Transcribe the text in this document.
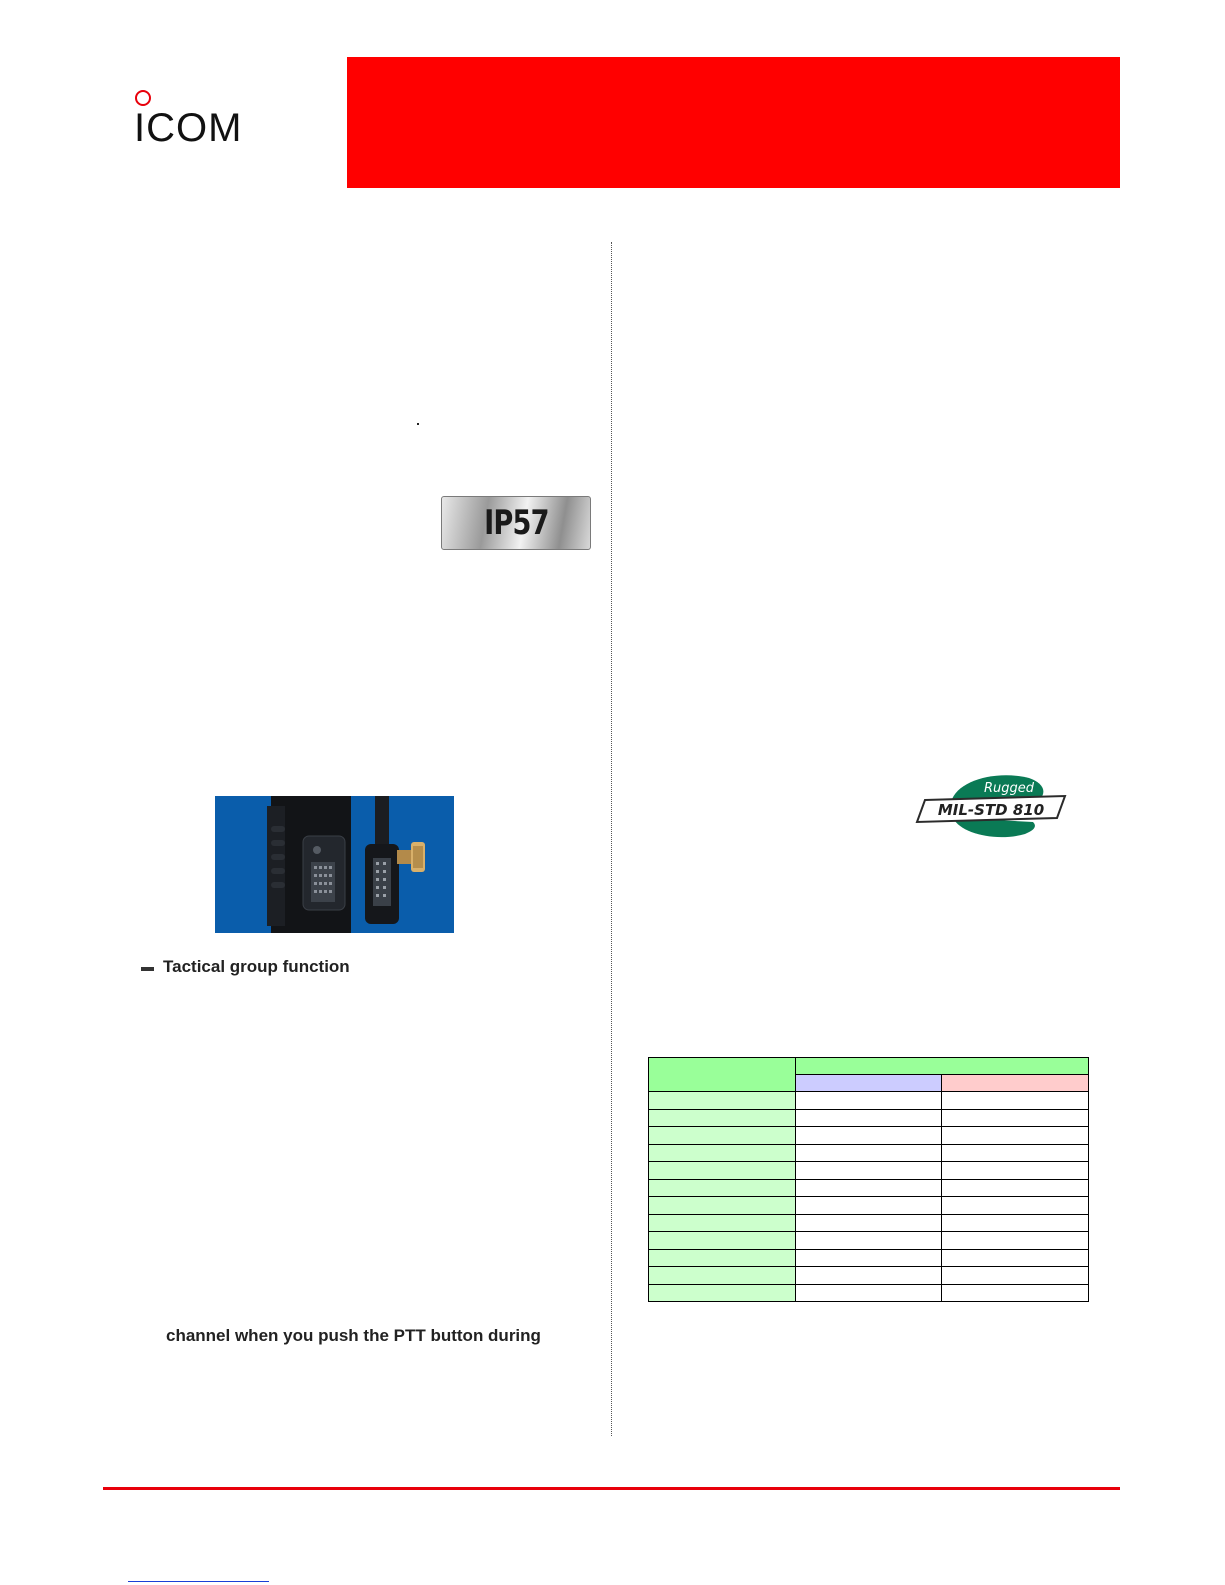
ICOM
IP57
Tactical group function
channel when you push the PTT button during
Rugged
MIL-STD 810
